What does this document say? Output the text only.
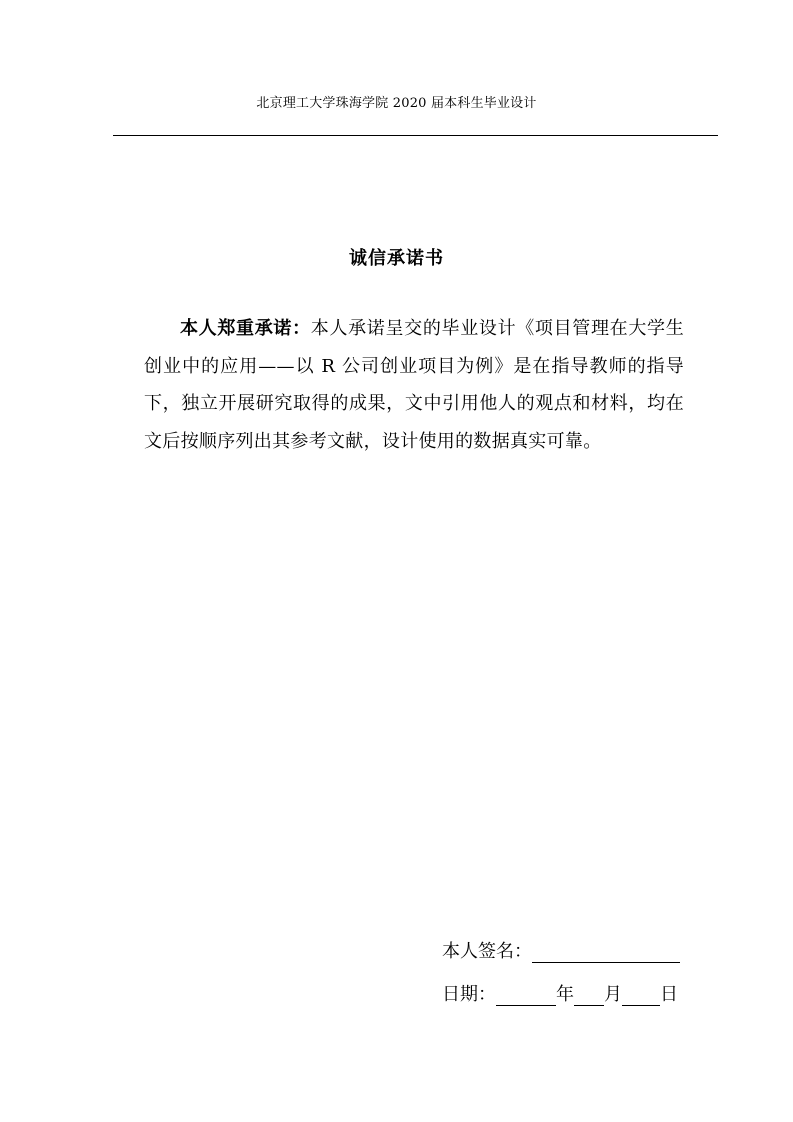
北京理工大学珠海学院 2020 届本科生毕业设计
诚信承诺书

本人郑重承诺：本人承诺呈交的毕业设计《项目管理在大学生创业中的应用——以 R 公司创业项目为例》是在指导教师的指导下，独立开展研究取得的成果，文中引用他人的观点和材料，均在文后按顺序列出其参考文献，设计使用的数据真实可靠。

本人签名：
日期：	年 月 日
